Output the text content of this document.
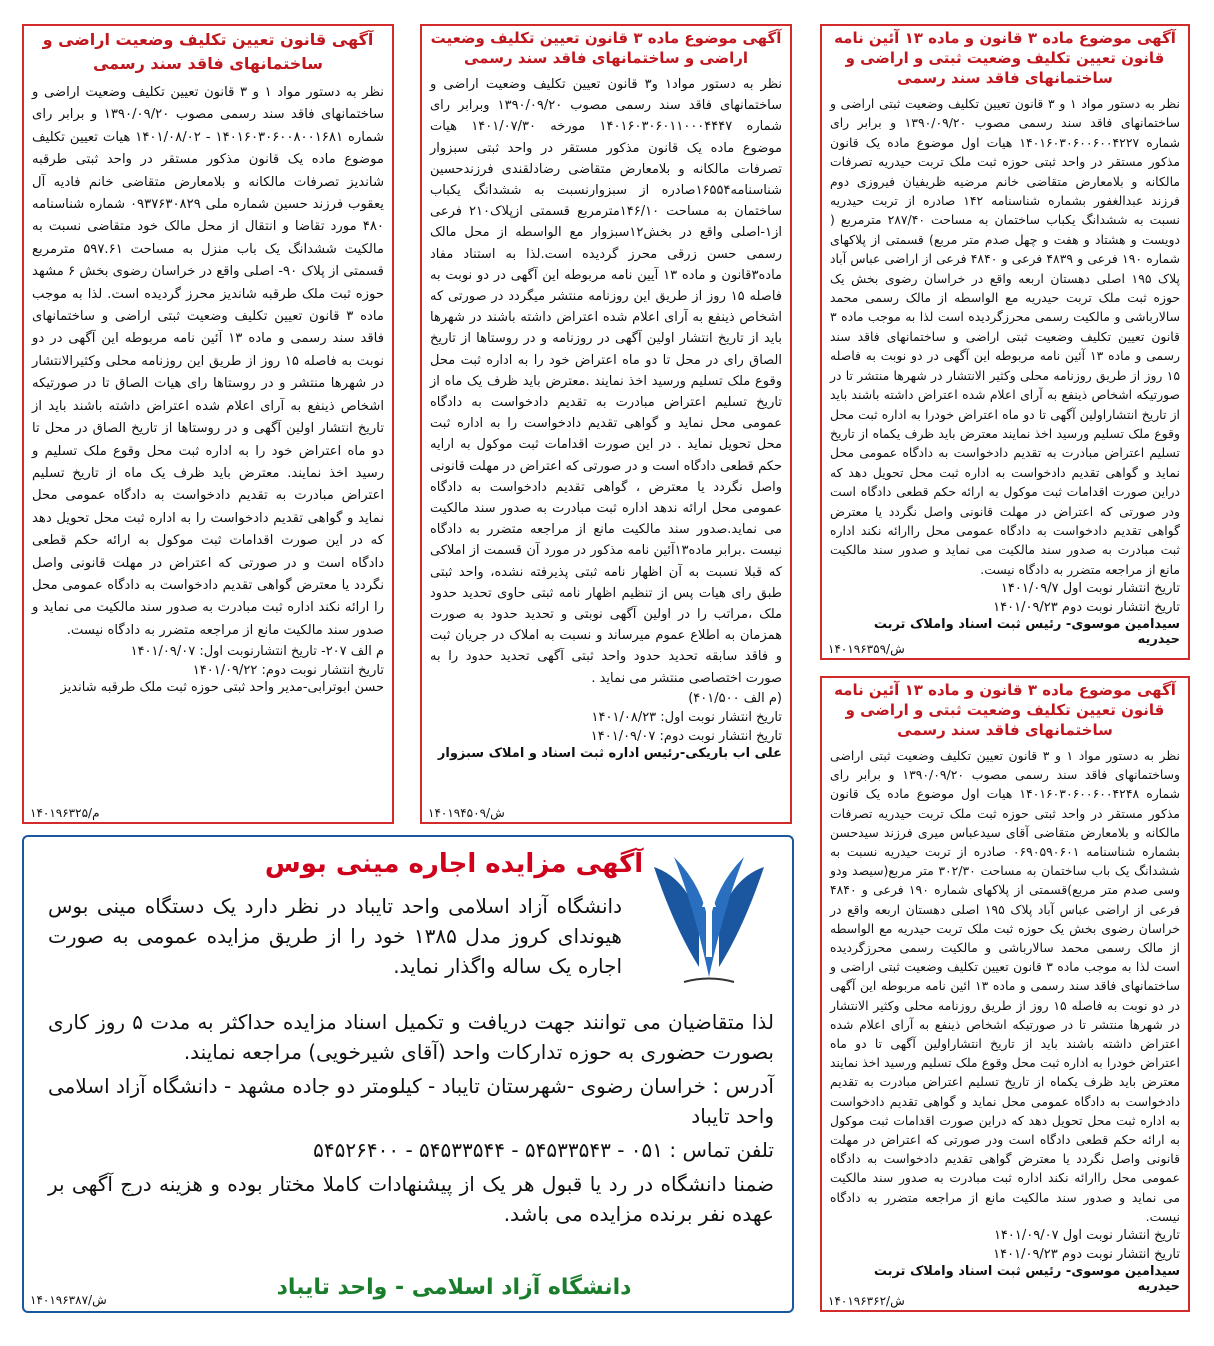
آگهی موضوع ماده ۳ قانون و ماده ۱۳ آئین نامه قانون تعیین تکلیف وضعیت ثبتی و اراضی و ساختمانهای فاقد سند رسمی
نظر به دستور مواد ۱ و ۳ قانون تعیین تکلیف وضعیت ثبتی اراضی و ساختمانهای فاقد سند رسمی مصوب ۱۳۹۰/۰۹/۲۰ و برابر رای شماره ۱۴۰۱۶۰۳۰۶۰۰۶۰۰۴۲۲۷ هیات اول موضوع ماده یک قانون مذکور مستقر در واحد ثبتی حوزه ثبت ملک تربت حیدریه تصرفات مالکانه و بلامعارض متقاضی خانم مرضیه ظریفیان فیروزی دوم فرزند عبدالغفور بشماره شناسنامه ۱۴۲ صادره از تربت حیدریه نسبت به ششدانگ یکباب ساختمان به مساحت ۲۸۷/۴۰ مترمربع ( دویست و هشتاد و هفت و چهل صدم متر مربع) قسمتی از پلاکهای شماره ۱۹۰ فرعی و ۴۸۳۹ فرعی و ۴۸۴۰ فرعی از اراضی عباس آباد پلاک ۱۹۵ اصلی دهستان اربعه واقع در خراسان رضوی بخش یک حوزه ثبت ملک تربت حیدریه مع الواسطه از مالک رسمی محمد سالارباشی و مالکیت رسمی محرزگردیده است لذا به موجب ماده ۳ قانون تعیین تکلیف وضعیت ثبتی اراضی و ساختمانهای فاقد سند رسمی و ماده ۱۳ آئین نامه مربوطه این آگهی در دو نوبت به فاصله ۱۵ روز از طریق روزنامه محلی وکثیر الانتشار در شهرها منتشر تا در صورتیکه اشخاص ذینفع به آرای اعلام شده اعتراض داشته باشند باید از تاریخ انتشاراولین آگهی تا دو ماه اعتراض خودرا به اداره ثبت محل وقوع ملک تسلیم ورسید اخذ نمایند معترض باید ظرف یکماه از تاریخ تسلیم اعتراض مبادرت به تقدیم دادخواست به دادگاه عمومی محل نماید و گواهی تقدیم دادخواست به اداره ثبت محل تحویل دهد که دراین صورت اقدامات ثبت موکول به ارائه حکم قطعی دادگاه است ودر صورتی که اعتراض در مهلت قانونی واصل نگردد یا معترض گواهی تقدیم دادخواست به دادگاه عمومی محل راارائه نکند اداره ثبت مبادرت به صدور سند مالکیت می نماید و صدور سند مالکیت مانع از مراجعه متضرر به دادگاه نیست.
تاریخ انتشار نوبت اول ۱۴۰۱/۰۹/۷
تاریخ انتشار نوبت دوم ۱۴۰۱/۰۹/۲۳
سیدامین موسوی- رئیس ثبت اسناد واملاک تربت حیدریه
۱۴۰۱۹۶۳۵۹/ش
آگهی موضوع ماده ۳ قانون و ماده ۱۳ آئین نامه قانون تعیین تکلیف وضعیت ثبتی و اراضی و ساختمانهای فاقد سند رسمی
نظر به دستور مواد ۱ و ۳ قانون تعیین تکلیف وضعیت ثبتی اراضی وساختمانهای فاقد سند رسمی مصوب ۱۳۹۰/۰۹/۲۰ و برابر رای شماره ۱۴۰۱۶۰۳۰۶۰۰۶۰۰۴۲۴۸ هیات اول موضوع ماده یک قانون مذکور مستقر در واحد ثبتی حوزه ثبت ملک تربت حیدریه تصرفات مالکانه و بلامعارض متقاضی آقای سیدعباس میری فرزند سیدحسن بشماره شناسنامه ۰۶۹۰۵۹۰۶۰۱ صادره از تربت حیدریه نسبت به ششدانگ یک باب ساختمان به مساحت ۳۰۲/۳۰ متر مربع(سیصد ودو وسی صدم متر مربع)قسمتی از پلاکهای شماره ۱۹۰ فرعی و ۴۸۴۰ فرعی از اراضی عباس آباد پلاک ۱۹۵ اصلی دهستان اربعه واقع در خراسان رضوی بخش یک حوزه ثبت ملک تربت حیدریه مع الواسطه از مالک رسمی محمد سالارباشی و مالکیت رسمی محرزگردیده است لذا به موجب ماده ۳ قانون تعیین تکلیف وضعیت ثبتی اراضی و ساختمانهای فاقد سند رسمی و ماده ۱۳ ائین نامه مربوطه این آگهی در دو نوبت به فاصله ۱۵ روز از طریق روزنامه محلی وکثیر الانتشار در شهرها منتشر تا در صورتیکه اشخاص ذینفع به آرای اعلام شده اعتراض داشته باشند باید از تاریخ انتشاراولین آگهی تا دو ماه اعتراض خودرا به اداره ثبت محل وقوع ملک تسلیم ورسید اخذ نمایند معترض باید ظرف یکماه از تاریخ تسلیم اعتراض مبادرت به تقدیم دادخواست به دادگاه عمومی محل نماید و گواهی تقدیم دادخواست به اداره ثبت محل تحویل دهد که دراین صورت اقدامات ثبت موکول به ارائه حکم قطعی دادگاه است ودر صورتی که اعتراض در مهلت قانونی واصل نگردد یا معترض گواهی تقدیم دادخواست به دادگاه عمومی محل راارائه نکند اداره ثبت مبادرت به صدور سند مالکیت می نماید و صدور سند مالکیت مانع از مراجعه متضرر به دادگاه نیست.
تاریخ انتشار نوبت اول ۱۴۰۱/۰۹/۰۷
تاریخ انتشار نوبت دوم ۱۴۰۱/۰۹/۲۳
سیدامین موسوی- رئیس ثبت اسناد واملاک تربت حیدریه
۱۴۰۱۹۶۳۶۲/ش
آگهی موضوع ماده ۳ قانون تعیین تکلیف وضعیت اراضی و ساختمانهای فاقد سند رسمی
نظر به دستور مواد۱ و۳ قانون تعیین تکلیف وضعیت اراضی و ساختمانهای فاقد سند رسمی مصوب ۱۳۹۰/۰۹/۲۰ وبرابر رای شماره ۱۴۰۱۶۰۳۰۶۰۱۱۰۰۰۴۴۴۷ مورخه ۱۴۰۱/۰۷/۳۰ هیات موضوع ماده یک قانون مذکور مستقر در واحد ثبتی سبزوار تصرفات مالکانه و بلامعارض متقاضی رضادلقندی فرزندحسین شناسنامه۱۶۵۵۴صادره از سبزوارنسبت به ششدانگ یکباب ساختمان به مساحت ۱۴۶/۱۰مترمربع قسمتی ازپلاک۲۱۰ فرعی از۱-اصلی واقع در بخش۱۲سبزوار مع الواسطه از محل مالک رسمی حسن زرقی محرز گردیده است.لذا به استناد مفاد ماده۳قانون و ماده ۱۳ آیین نامه مربوطه این آگهی در دو نوبت به فاصله ۱۵ روز از طریق این روزنامه منتشر میگردد در صورتی که اشخاص ذینفع به آرای اعلام شده اعتراض داشته باشند در شهرها باید از تاریخ انتشار اولین آگهی در روزنامه و در روستاها از تاریخ الصاق رای در محل تا دو ماه اعتراض خود را به اداره ثبت محل وقوع ملک تسلیم ورسید اخذ نمایند .معترض باید ظرف یک ماه از تاریخ تسلیم اعتراض مبادرت به تقدیم دادخواست به دادگاه عمومی محل نماید و گواهی تقدیم دادخواست را به اداره ثبت محل تحویل نماید . در این صورت اقدامات ثبت موکول به ارایه حکم قطعی دادگاه است و در صورتی که اعتراض در مهلت قانونی واصل نگردد یا معترض ، گواهی تقدیم دادخواست به دادگاه عمومی محل ارائه ندهد اداره ثبت مبادرت به صدور سند مالکیت می نماید.صدور سند مالکیت مانع از مراجعه متضرر به دادگاه نیست .برابر ماده۱۳آئین نامه مذکور در مورد آن قسمت از املاکی که قبلا نسبت به آن اظهار نامه ثبتی پذیرفته نشده، واحد ثبتی طبق رای هیات پس از تنظیم اظهار نامه ثبتی حاوی تحدید حدود ملک ،مراتب را در اولین آگهی نوبتی و تحدید حدود به صورت همزمان به اطلاع عموم میرساند و نسبت به املاک در جریان ثبت و فاقد سابقه تحدید حدود واحد ثبتی آگهی تحدید حدود را به صورت اختصاصی منتشر می نماید .
(م الف ۴۰۱/۵۰۰)
تاریخ انتشار نوبت اول: ۱۴۰۱/۰۸/۲۳
تاریخ انتشار نوبت دوم: ۱۴۰۱/۰۹/۰۷
علی اب باریکی-رئیس اداره ثبت اسناد و املاک سبزوار
۱۴۰۱۹۴۵۰۹/ش
آگهی قانون تعیین تکلیف وضعیت اراضی و ساختمانهای فاقد سند رسمی
نظر به دستور مواد ۱ و ۳ قانون تعیین تکلیف وضعیت اراضی و ساختمانهای فاقد سند رسمی مصوب ۱۳۹۰/۰۹/۲۰ و برابر رای شماره ۱۴۰۱۶۰۳۰۶۰۰۸۰۰۱۶۸۱ - ۱۴۰۱/۰۸/۰۲ هیات تعیین تکلیف موضوع ماده یک قانون مذکور مستقر در واحد ثبتی طرقبه شاندیز تصرفات مالکانه و بلامعارض متقاضی خانم فادیه آل یعقوب فرزند حسین شماره ملی ۰۹۳۷۶۳۰۸۲۹ شماره شناسنامه ۴۸۰ مورد تقاضا و انتقال از محل مالک خود متقاضی نسبت به مالکیت ششدانگ یک باب منزل به مساحت ۵۹۷.۶۱ مترمربع قسمتی از پلاک ۹۰- اصلی واقع در خراسان رضوی بخش ۶ مشهد حوزه ثبت ملک طرقبه شاندیز محرز گردیده است. لذا به موجب ماده ۳ قانون تعیین تکلیف وضعیت ثبتی اراضی و ساختمانهای فاقد سند رسمی و ماده ۱۳ آئین نامه مربوطه این آگهی در دو نوبت به فاصله ۱۵ روز از طریق این روزنامه محلی وکثیرالانتشار در شهرها منتشر و در روستاها رای هیات الصاق تا در صورتیکه اشخاص ذینفع به آرای اعلام شده اعتراض داشته باشند باید از تاریخ انتشار اولین آگهی و در روستاها از تاریخ الصاق در محل تا دو ماه اعتراض خود را به اداره ثبت محل وقوع ملک تسلیم و رسید اخذ نمایند. معترض باید ظرف یک ماه از تاریخ تسلیم اعتراض مبادرت به تقدیم دادخواست به دادگاه عمومی محل نماید و گواهی تقدیم دادخواست را به اداره ثبت محل تحویل دهد که در این صورت اقدامات ثبت موکول به ارائه حکم قطعی دادگاه است و در صورتی که اعتراض در مهلت قانونی واصل نگردد یا معترض گواهی تقدیم دادخواست به دادگاه عمومی محل را ارائه نکند اداره ثبت مبادرت به صدور سند مالکیت می نماید و صدور سند مالکیت مانع از مراجعه متضرر به دادگاه نیست.
م الف ۲۰۷- تاریخ انتشارنوبت اول: ۱۴۰۱/۰۹/۰۷
تاریخ انتشار نوبت دوم: ۱۴۰۱/۰۹/۲۲
حسن ابوترابی-مدیر واحد ثبتی حوزه ثبت ملک طرقبه شاندیز
۱۴۰۱۹۶۳۲۵/م
آگهی مزایده اجاره مینی بوس

دانشگاه آزاد اسلامی واحد تایباد در نظر دارد یک دستگاه مینی بوس هیوندای کروز مدل ۱۳۸۵ خود را از طریق مزایده عمومی به صورت اجاره یک ساله واگذار نماید.

لذا متقاضیان می توانند جهت دریافت و تکمیل اسناد مزایده حداکثر به مدت ۵ روز کاری بصورت حضوری به حوزه تدارکات واحد (آقای شیرخویی) مراجعه نمایند.

آدرس : خراسان رضوی -شهرستان تایباد - کیلومتر دو جاده مشهد - دانشگاه آزاد اسلامی واحد تایباد

تلفن تماس : ۰۵۱ - ۵۴۵۳۳۵۴۳ - ۵۴۵۳۳۵۴۴ - ۵۴۵۲۶۴۰۰

ضمنا دانشگاه در رد یا قبول هر یک از پیشنهادات کاملا مختار بوده و هزینه درج آگهی بر عهده نفر برنده مزایده می باشد.

دانشگاه آزاد اسلامی - واحد تایباد
۱۴۰۱۹۶۳۸۷/ش
